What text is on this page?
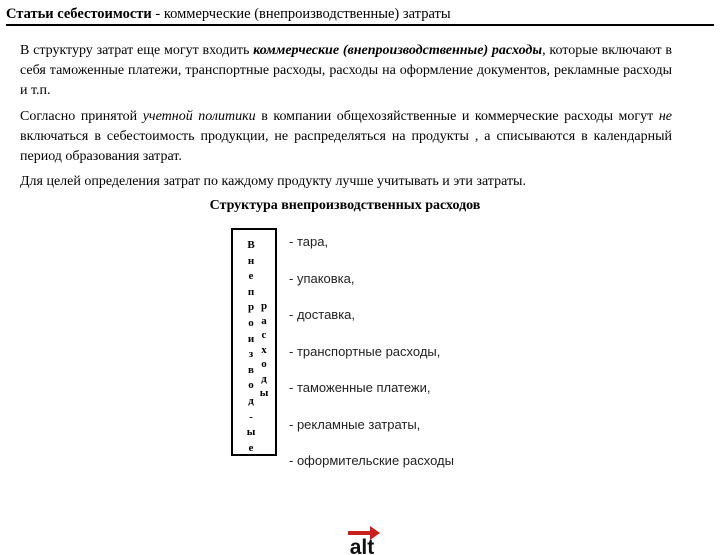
Статьи себестоимости - коммерческие (внепроизводственные) затраты
В структуру затрат еще могут входить коммерческие (внепроизводственные) расходы, которые включают в себя таможенные платежи, транспортные расходы, расходы на оформление документов, рекламные расходы и т.п.
Согласно принятой учетной политики в компании общехозяйственные и коммерческие расходы могут не включаться в себестоимость продукции, не распределяться на продукты , а списываются в календарный период образования затрат.
Для целей определения затрат по каждому продукту лучше учитывать и эти затраты.
Структура внепроизводственных расходов
В
н
е
п
р
о
и
з
в
о
д
-
ы
е
р
а
с
х
о
д
ы
- тара,
- упаковка,
- доставка,
- транспортные расходы,
- таможенные платежи,
- рекламные затраты,
- оформительские расходы
alt
